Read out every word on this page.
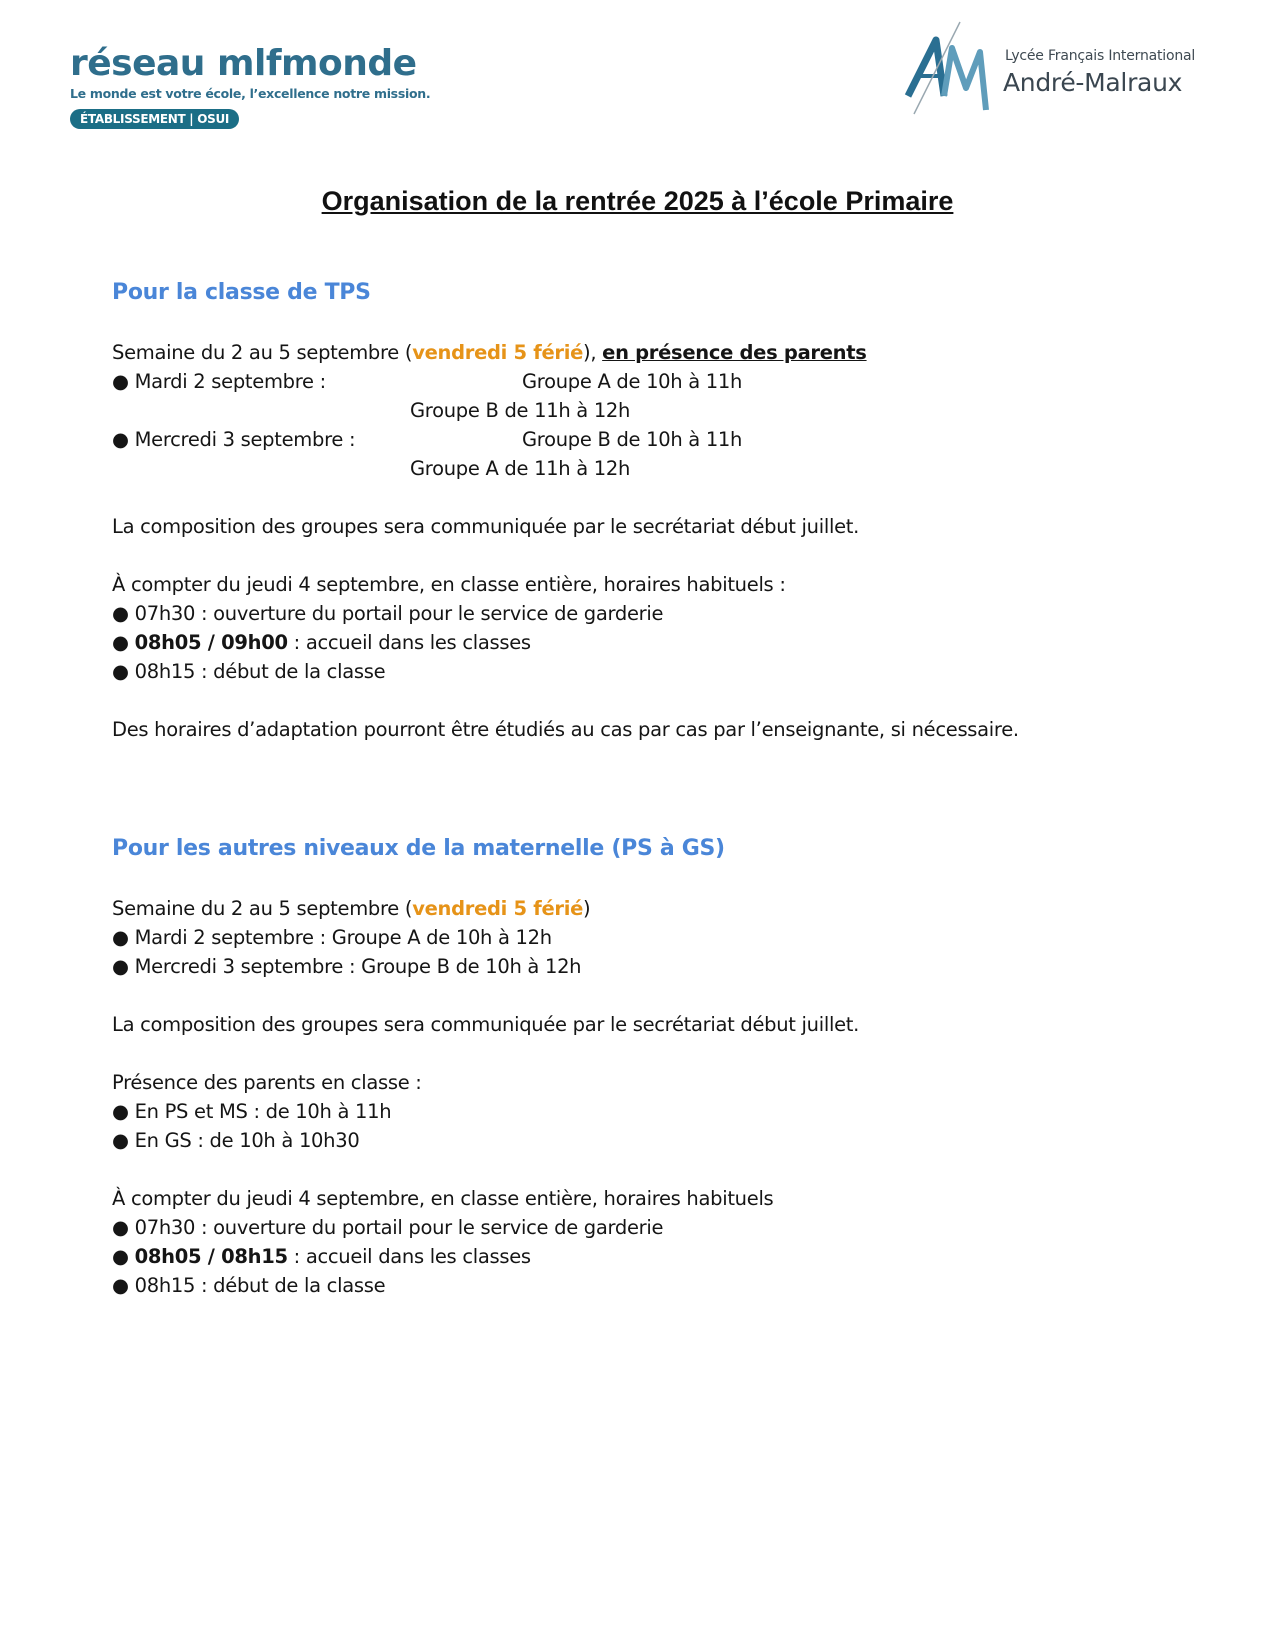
réseau mlfmonde
Le monde est votre école, l’excellence notre mission.
ÉTABLISSEMENT | OSUI
Lycée Français International
André-Malraux
Organisation de la rentrée 2025 à l’école Primaire
Pour la classe de TPS
Semaine du 2 au 5 septembre (vendredi 5 férié), en présence des parents
● Mardi 2 septembre :	Groupe A de 10h à 11h
Groupe B de 11h à 12h
● Mercredi 3 septembre :	Groupe B de 10h à 11h
Groupe A de 11h à 12h
La composition des groupes sera communiquée par le secrétariat début juillet.
À compter du jeudi 4 septembre, en classe entière, horaires habituels :
● 07h30 : ouverture du portail pour le service de garderie
● 08h05 / 09h00 : accueil dans les classes
● 08h15 : début de la classe
Des horaires d’adaptation pourront être étudiés au cas par cas par l’enseignante, si nécessaire.
Pour les autres niveaux de la maternelle (PS à GS)
Semaine du 2 au 5 septembre (vendredi 5 férié)
● Mardi 2 septembre : Groupe A de 10h à 12h
● Mercredi 3 septembre : Groupe B de 10h à 12h
La composition des groupes sera communiquée par le secrétariat début juillet.
Présence des parents en classe :
● En PS et MS : de 10h à 11h
● En GS : de 10h à 10h30
À compter du jeudi 4 septembre, en classe entière, horaires habituels
● 07h30 : ouverture du portail pour le service de garderie
● 08h05 / 08h15 : accueil dans les classes
● 08h15 : début de la classe
